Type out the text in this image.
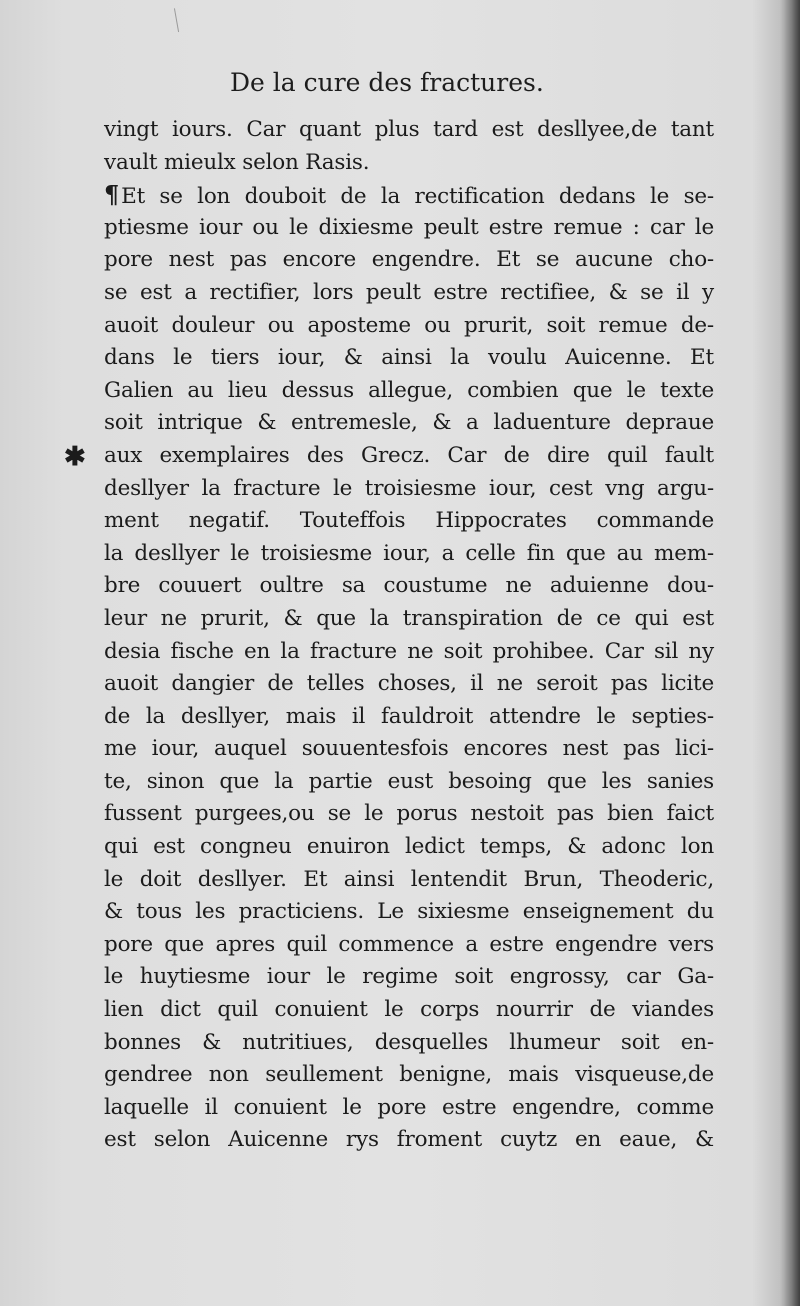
De la cure des fractures.
✱
vingt iours. Car quant plus tard est desllyee,de tant
vault mieulx selon Rasis.
¶Et se lon douboit de la rectification dedans le se-
ptiesme iour ou le dixiesme peult estre remue : car le
pore nest pas encore engendre. Et se aucune cho-
se est a rectifier, lors peult estre rectifiee, & se il y
auoit douleur ou aposteme ou prurit, soit remue de-
dans le tiers iour, & ainsi la voulu Auicenne. Et
Galien au lieu dessus allegue, combien que le texte
soit intrique & entremesle, & a laduenture depraue
aux exemplaires des Grecz. Car de dire quil fault
desllyer la fracture le troisiesme iour, cest vng argu-
ment negatif. Touteffois Hippocrates commande
la desllyer le troisiesme iour, a celle fin que au mem-
bre couuert oultre sa coustume ne aduienne dou-
leur ne prurit, & que la transpiration de ce qui est
desia fische en la fracture ne soit prohibee. Car sil ny
auoit dangier de telles choses, il ne seroit pas licite
de la desllyer, mais il fauldroit attendre le septies-
me iour, auquel souuentesfois encores nest pas lici-
te, sinon que la partie eust besoing que les sanies
fussent purgees,ou se le porus nestoit pas bien faict
qui est congneu enuiron ledict temps, & adonc lon
le doit desllyer. Et ainsi lentendit Brun, Theoderic,
& tous les practiciens. Le sixiesme enseignement du
pore que apres quil commence a estre engendre vers
le huytiesme iour le regime soit engrossy, car Ga-
lien dict quil conuient le corps nourrir de viandes
bonnes & nutritiues, desquelles lhumeur soit en-
gendree non seullement benigne, mais visqueuse,de
laquelle il conuient le pore estre engendre, comme
est selon Auicenne rys froment cuytz en eaue, &
